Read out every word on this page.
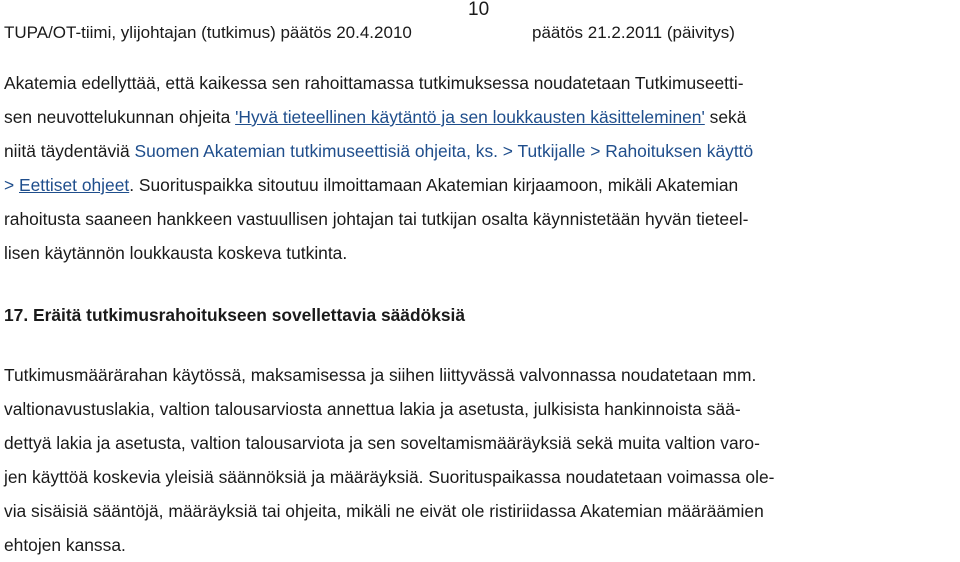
10
TUPA/OT-tiimi, ylijohtajan (tutkimus) päätös 20.4.2010	päätös 21.2.2011 (päivitys)
Akatemia edellyttää, että kaikessa sen rahoittamassa tutkimuksessa noudatetaan Tutkimuseetti-
sen neuvottelukunnan ohjeita 'Hyvä tieteellinen käytäntö ja sen loukkausten käsitteleminen' sekä
niitä täydentäviä Suomen Akatemian tutkimuseettisiä ohjeita, ks. > Tutkijalle > Rahoituksen käyttö
> Eettiset ohjeet. Suorituspaikka sitoutuu ilmoittamaan Akatemian kirjaamoon, mikäli Akatemian
rahoitusta saaneen hankkeen vastuullisen johtajan tai tutkijan osalta käynnistetään hyvän tieteel-
lisen käytännön loukkausta koskeva tutkinta.
17. Eräitä tutkimusrahoitukseen sovellettavia säädöksiä
Tutkimusmäärärahan käytössä, maksamisessa ja siihen liittyvässä valvonnassa noudatetaan mm.
valtionavustuslakia, valtion talousarviosta annettua lakia ja asetusta, julkisista hankinnoista sää-
dettyä lakia ja asetusta, valtion talousarviota ja sen soveltamismääräyksiä sekä muita valtion varo-
jen käyttöä koskevia yleisiä säännöksiä ja määräyksiä. Suorituspaikassa noudatetaan voimassa ole-
via sisäisiä sääntöjä, määräyksiä tai ohjeita, mikäli ne eivät ole ristiriidassa Akatemian määräämien
ehtojen kanssa.
